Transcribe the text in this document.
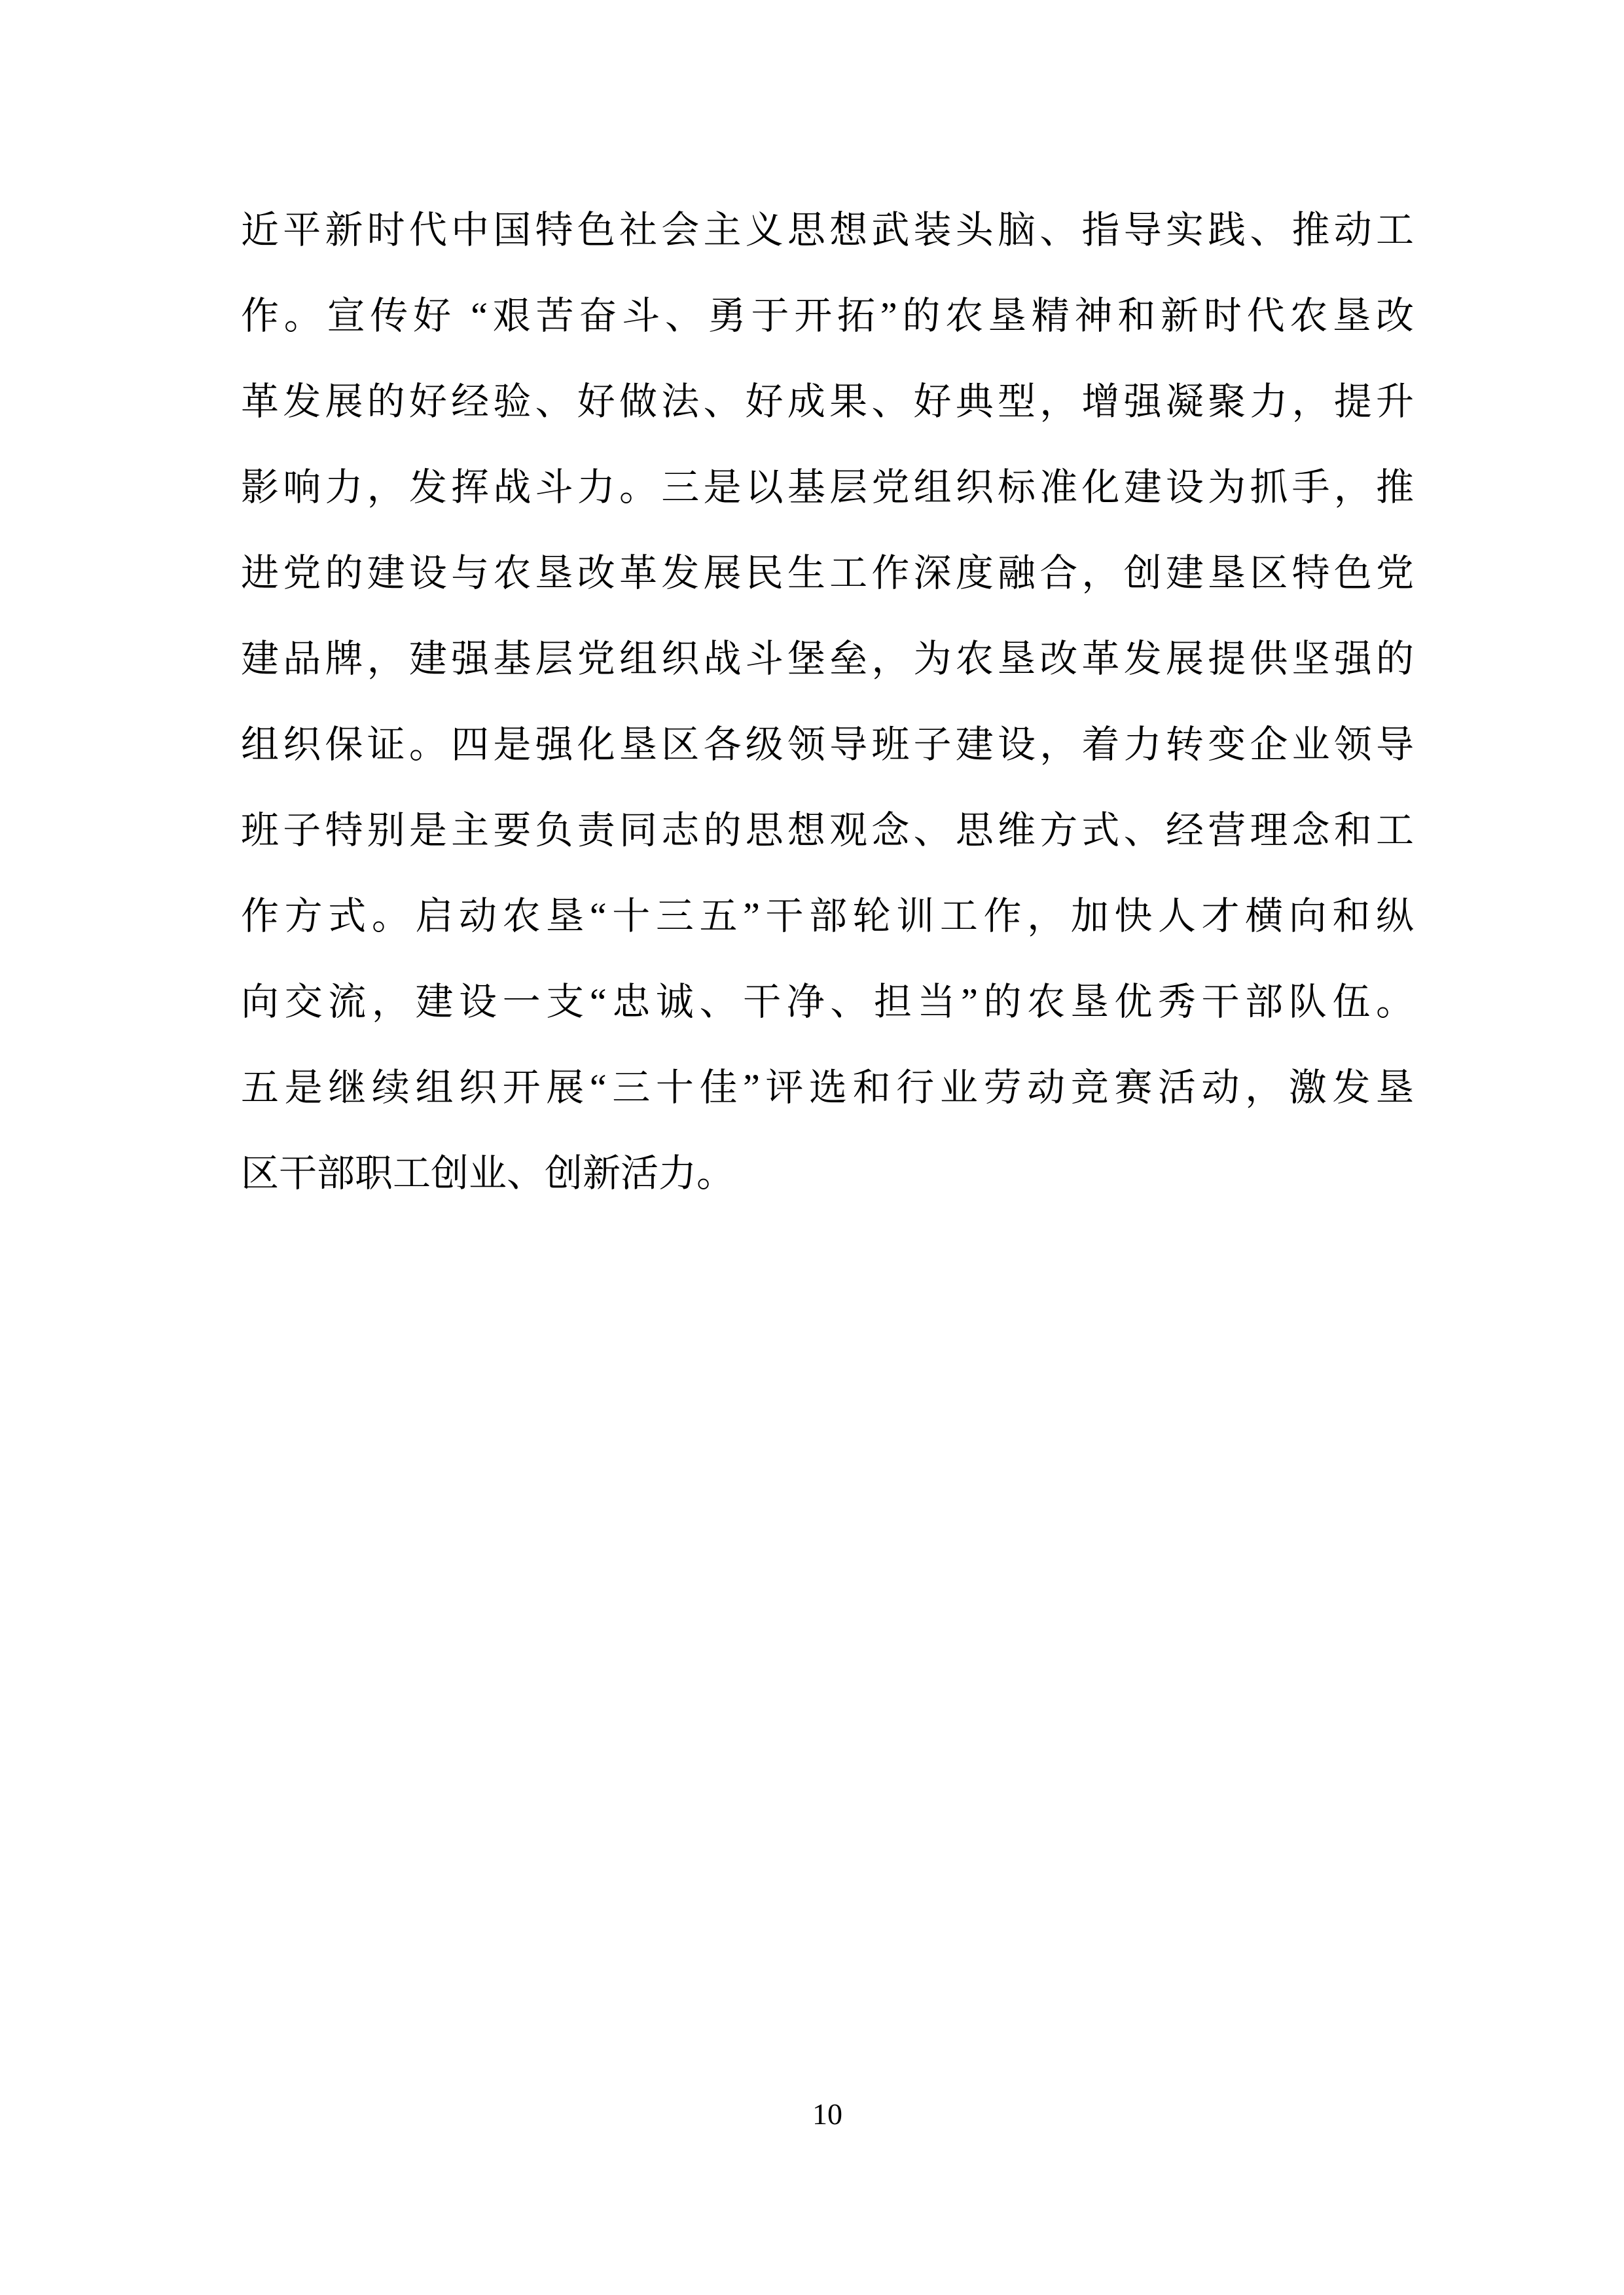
近平新时代中国特色社会主义思想武装头脑、指导实践、推动工
作。宣传好 “艰苦奋斗、勇于开拓”的农垦精神和新时代农垦改
革发展的好经验、好做法、好成果、好典型，增强凝聚力，提升
影响力，发挥战斗力。三是以基层党组织标准化建设为抓手，推
进党的建设与农垦改革发展民生工作深度融合，创建垦区特色党
建品牌，建强基层党组织战斗堡垒，为农垦改革发展提供坚强的
组织保证。四是强化垦区各级领导班子建设，着力转变企业领导
班子特别是主要负责同志的思想观念、思维方式、经营理念和工
作方式。启动农垦“十三五”干部轮训工作，加快人才横向和纵
向交流，建设一支“忠诚、干净、担当”的农垦优秀干部队伍。
五是继续组织开展“三十佳”评选和行业劳动竞赛活动，激发垦
区干部职工创业、创新活力。
10
